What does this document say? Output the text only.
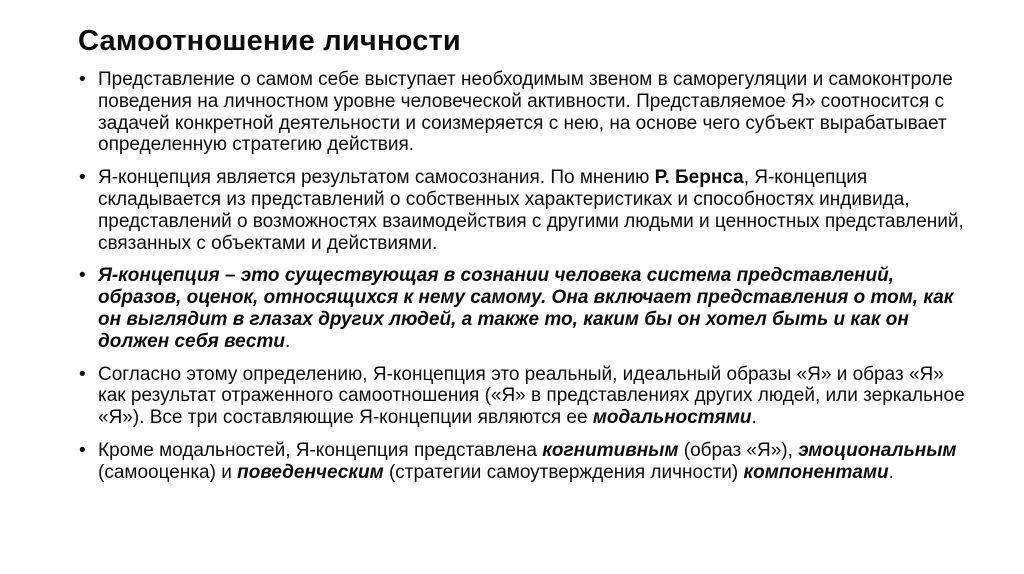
Самоотношение личности
• Представление о самом себе выступает необходимым звеном в саморегуляции и самоконтроле поведения на личностном уровне человеческой активности. Представляемое Я» соотносится с задачей конкретной деятельности и соизмеряется с нею, на основе чего субъект вырабатывает определенную стратегию действия.
• Я-концепция является результатом самосознания. По мнению Р. Бернса, Я-концепция складывается из представлений о собственных характеристиках и способностях индивида, представлений о возможностях взаимодействия с другими людьми и ценностных представлений, связанных с объектами и действиями.
• Я-концепция – это существующая в сознании человека система представлений, образов, оценок, относящихся к нему самому. Она включает представления о том, как он выглядит в глазах других людей, а также то, каким бы он хотел быть и как он должен себя вести.
• Согласно этому определению, Я-концепция это реальный, идеальный образы «Я» и образ «Я» как результат отраженного самоотношения («Я» в представлениях других людей, или зеркальное «Я»). Все три составляющие Я-концепции являются ее модальностями.
• Кроме модальностей, Я-концепция представлена когнитивным (образ «Я»), эмоциональным (самооценка) и поведенческим (стратегии самоутверждения личности) компонентами.
